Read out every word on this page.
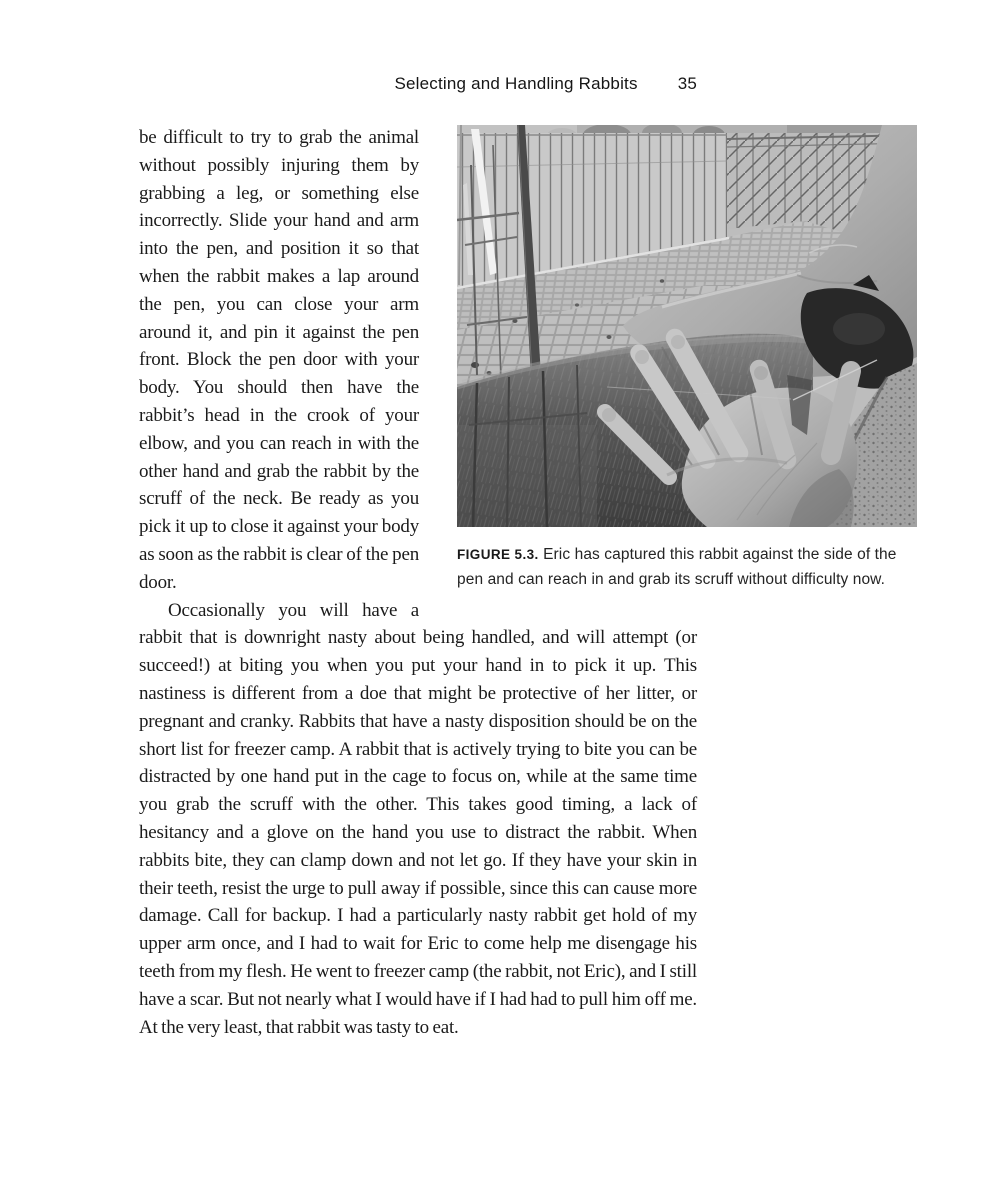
Selecting and Handling Rabbits 35
FIGURE 5.3. Eric has captured this rabbit against the side of the pen and can reach in and grab its scruff without difficulty now.

be difficult to try to grab the animal without possibly injuring them by grabbing a leg, or something else incorrectly. Slide your hand and arm into the pen, and position it so that when the rabbit makes a lap around the pen, you can close your arm around it, and pin it against the pen front. Block the pen door with your body. You should then have the rabbit’s head in the crook of your elbow, and you can reach in with the other hand and grab the rabbit by the scruff of the neck. Be ready as you pick it up to close it against your body as soon as the rabbit is clear of the pen door.

Occasionally you will have a rabbit that is downright nasty about being handled, and will attempt (or succeed!) at biting you when you put your hand in to pick it up. This nastiness is different from a doe that might be protective of her litter, or pregnant and cranky. Rabbits that have a nasty disposition should be on the short list for freezer camp. A rabbit that is actively trying to bite you can be distracted by one hand put in the cage to focus on, while at the same time you grab the scruff with the other. This takes good timing, a lack of hesitancy and a glove on the hand you use to distract the rabbit. When rabbits bite, they can clamp down and not let go. If they have your skin in their teeth, resist the urge to pull away if possible, since this can cause more damage. Call for backup. I had a particularly nasty rabbit get hold of my upper arm once, and I had to wait for Eric to come help me disengage his teeth from my flesh. He went to freezer camp (the rabbit, not Eric), and I still have a scar. But not nearly what I would have if I had had to pull him off me. At the very least, that rabbit was tasty to eat.
